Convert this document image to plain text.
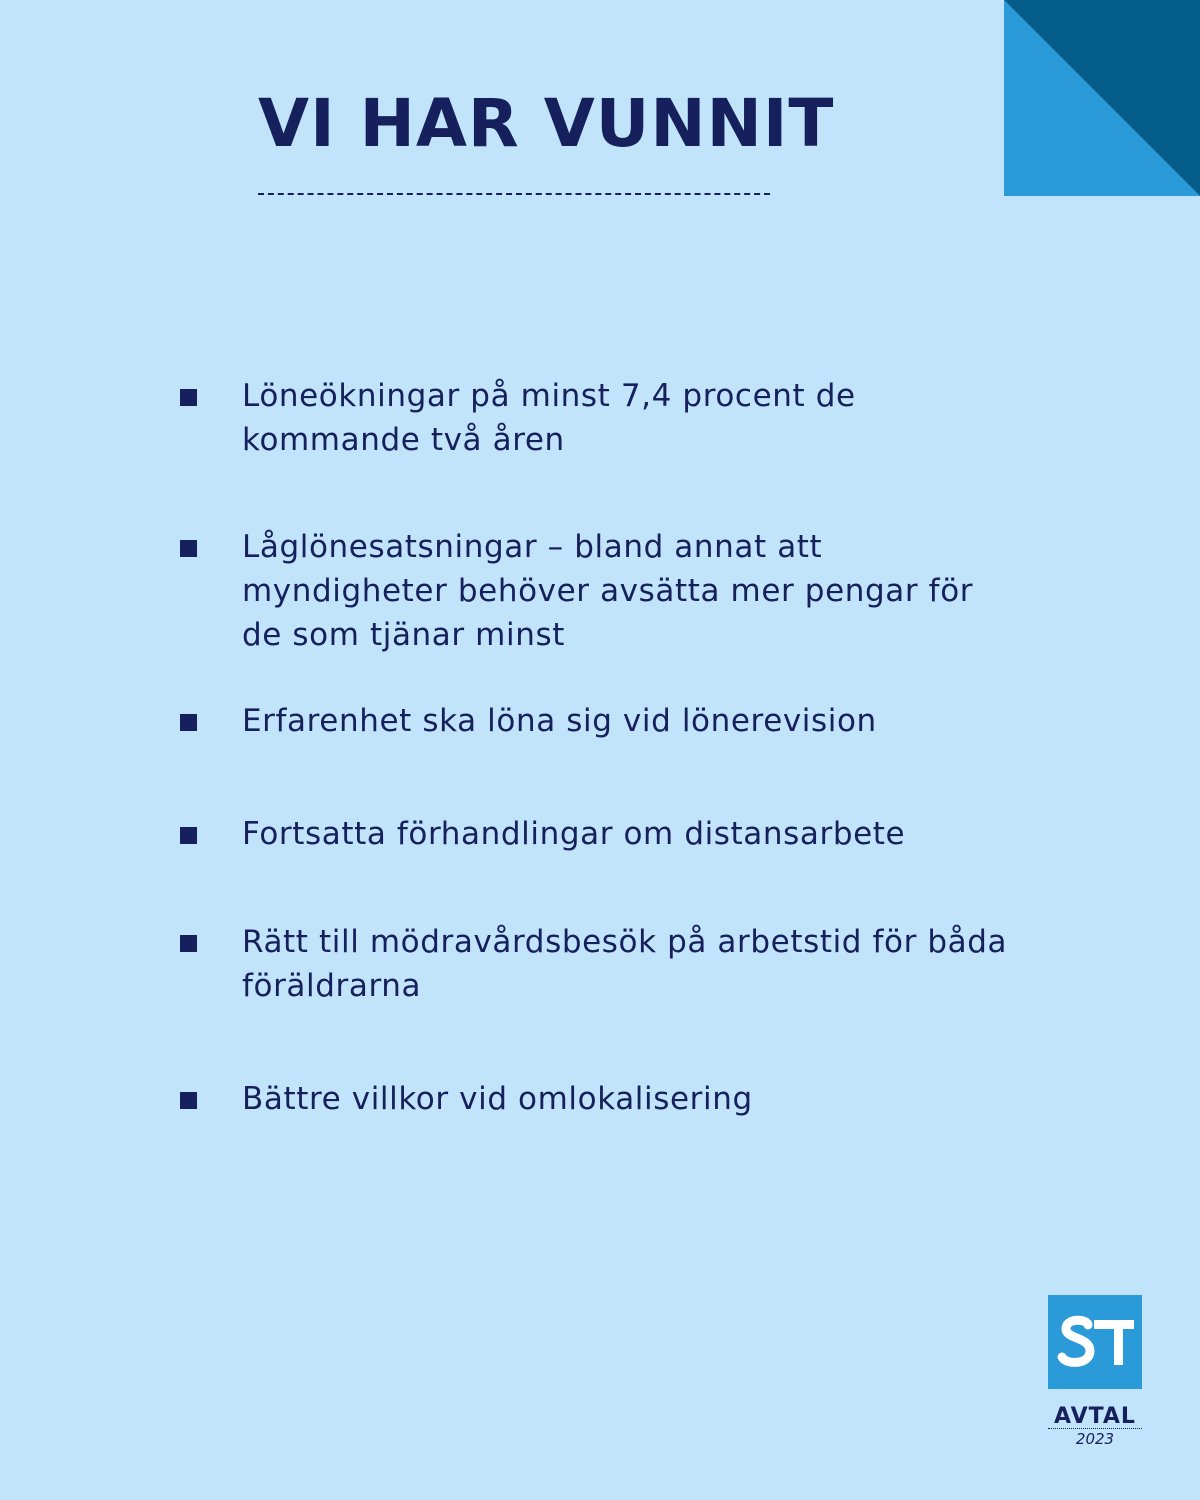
VI HAR VUNNIT
Löneökningar på minst 7,4 procent de kommande två åren
Låglönesatsningar – bland annat att myndigheter behöver avsätta mer pengar för de som tjänar minst
Erfarenhet ska löna sig vid lönerevision
Fortsatta förhandlingar om distansarbete
Rätt till mödravårdsbesök på arbetstid för båda föräldrarna
Bättre villkor vid omlokalisering
AVTAL
2023
